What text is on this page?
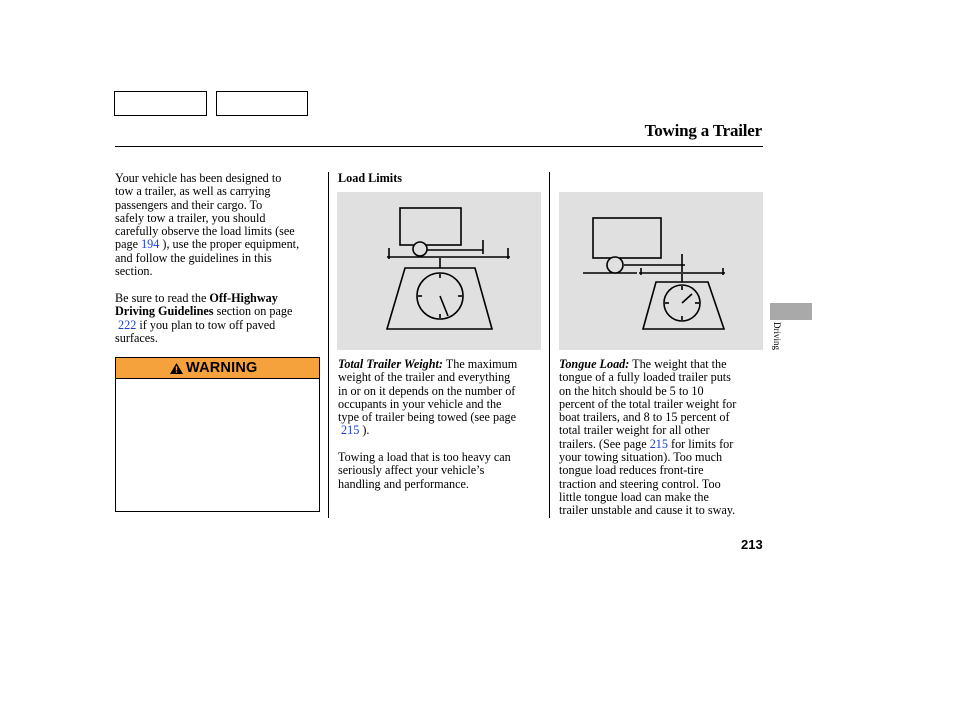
Towing a Trailer
Your vehicle has been designed to
tow a trailer, as well as carrying
passengers and their cargo. To
safely tow a trailer, you should
carefully observe the load limits (see
page 194 ), use the proper equipment,
and follow the guidelines in this
section.
Be sure to read the Off-Highway
Driving Guidelines section on page
222 if you plan to tow off paved
surfaces.
WARNING
Load Limits
Total Trailer Weight: The maximum
weight of the trailer and everything
in or on it depends on the number of
occupants in your vehicle and the
type of trailer being towed (see page
215 ).
Towing a load that is too heavy can
seriously affect your vehicle’s
handling and performance.
Tongue Load: The weight that the
tongue of a fully loaded trailer puts
on the hitch should be 5 to 10
percent of the total trailer weight for
boat trailers, and 8 to 15 percent of
total trailer weight for all other
trailers. (See page 215 for limits for
your towing situation). Too much
tongue load reduces front-tire
traction and steering control. Too
little tongue load can make the
trailer unstable and cause it to sway.
Driving
213
